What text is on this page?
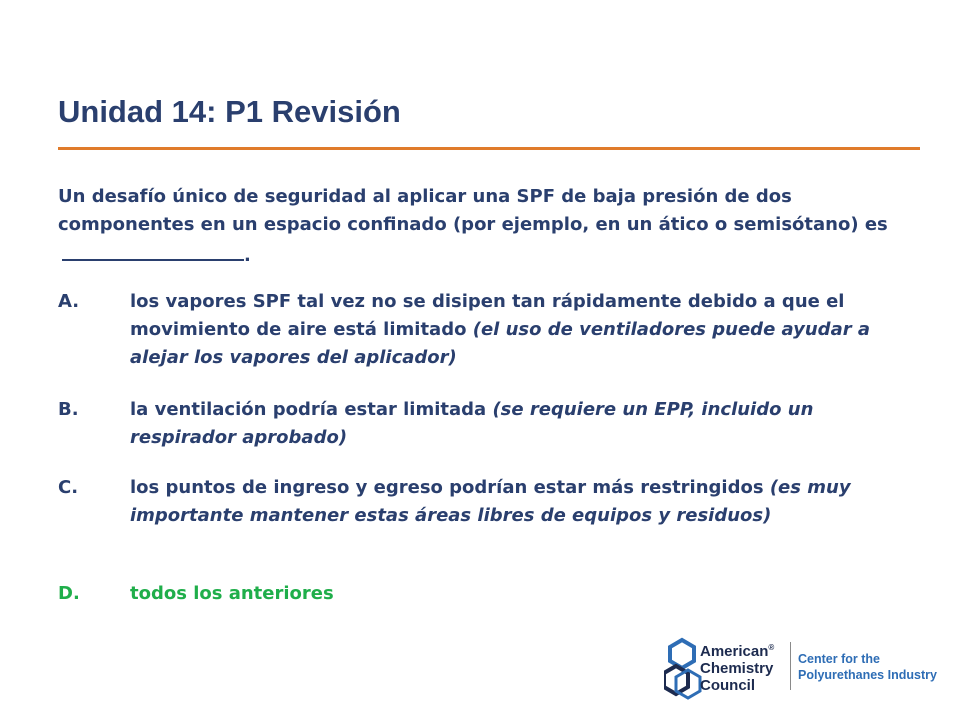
Unidad 14: P1 Revisión

Un desafío único de seguridad al aplicar una SPF de baja presión de dos componentes en un espacio confinado (por ejemplo, en un ático o semisótano) es.

A.	los vapores SPF tal vez no se disipen tan rápidamente debido a que el movimiento de aire está limitado (el uso de ventiladores puede ayudar a alejar los vapores del aplicador)
B.	la ventilación podría estar limitada (se requiere un EPP, incluido un respirador aprobado)
C.	los puntos de ingreso y egreso podrían estar más restringidos (es muy importante mantener estas áreas libres de equipos y residuos)
D.	todos los anteriores
American®
Chemistry
Council
Center for the
Polyurethanes Industry
